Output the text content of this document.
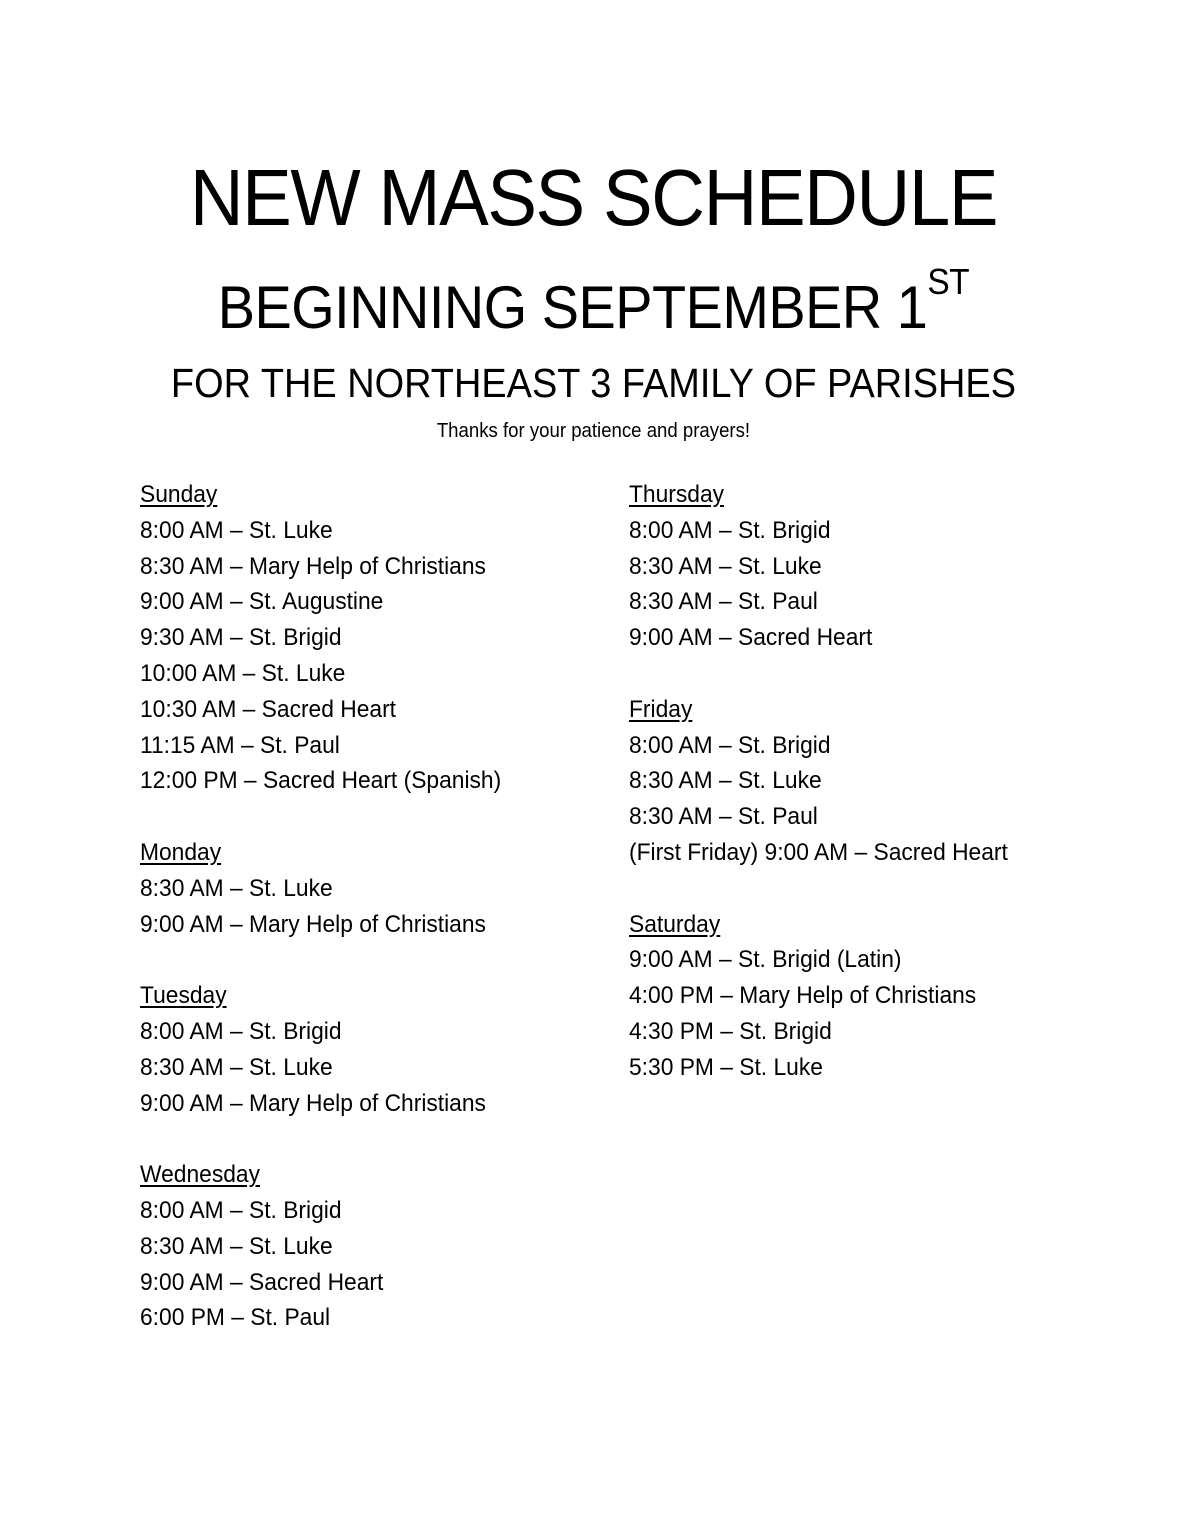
NEW MASS SCHEDULE
BEGINNING SEPTEMBER 1ST
FOR THE NORTHEAST 3 FAMILY OF PARISHES
Thanks for your patience and prayers!
Sunday
8:00 AM – St. Luke
8:30 AM – Mary Help of Christians
9:00 AM – St. Augustine
9:30 AM – St. Brigid
10:00 AM – St. Luke
10:30 AM – Sacred Heart
11:15 AM – St. Paul
12:00 PM – Sacred Heart (Spanish)
Monday
8:30 AM – St. Luke
9:00 AM – Mary Help of Christians
Tuesday
8:00 AM – St. Brigid
8:30 AM – St. Luke
9:00 AM – Mary Help of Christians
Wednesday
8:00 AM – St. Brigid
8:30 AM – St. Luke
9:00 AM – Sacred Heart
6:00 PM – St. Paul
Thursday
8:00 AM – St. Brigid
8:30 AM – St. Luke
8:30 AM – St. Paul
9:00 AM – Sacred Heart
Friday
8:00 AM – St. Brigid
8:30 AM – St. Luke
8:30 AM – St. Paul
(First Friday) 9:00 AM – Sacred Heart
Saturday
9:00 AM – St. Brigid (Latin)
4:00 PM – Mary Help of Christians
4:30 PM – St. Brigid
5:30 PM – St. Luke
